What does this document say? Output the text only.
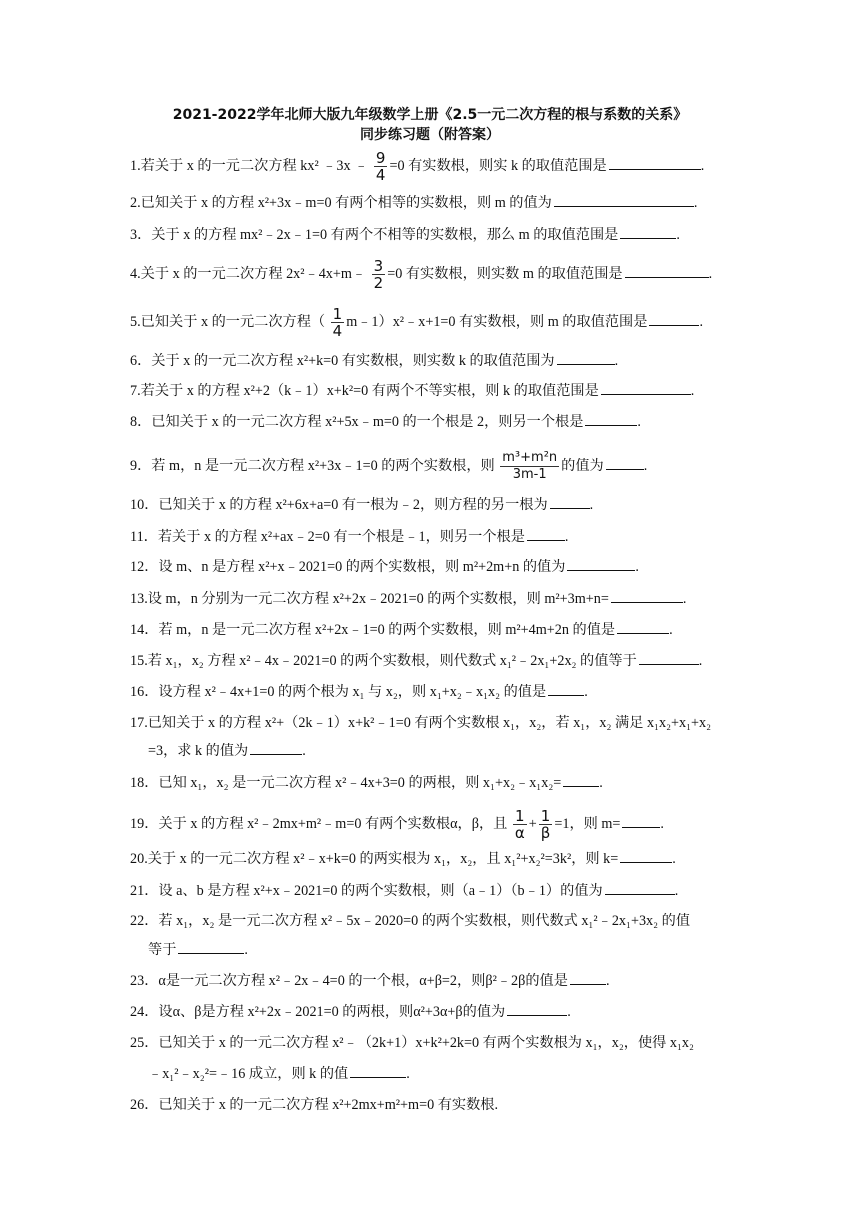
2021-2022学年北师大版九年级数学上册《2.5一元二次方程的根与系数的关系》
同步练习题（附答案）
1.若关于 x 的一元二次方程 kx² ﹣3x ﹣ $\frac{9}{4} =0$ 有实数根，则实 k 的取值范围是	.
2.已知关于 x 的方程 x²+3x﹣m=0 有两个相等的实数根，则 m 的值为	.
3．关于 x 的方程 mx²﹣2x﹣1=0 有两个不相等的实数根，那么 m 的取值范围是	.
4.关于 x 的一元二次方程 2x²﹣4x+m﹣ $\frac{3}{2} =0$ 有实数根，则实数 m 的取值范围是	.
5.已知关于 x 的一元二次方程（ $\frac{1}{4}$ m﹣1）x²﹣x+1=0 有实数根，则 m 的取值范围是	.
6．关于 x 的一元二次方程 x²+k=0 有实数根，则实数 k 的取值范围为	.
7.若关于 x 的方程 x²+2（k﹣1）x+k²=0 有两个不等实根，则 k 的取值范围是	.
8．已知关于 x 的一元二次方程 x²+5x﹣m=0 的一个根是 2，则另一个根是	.
9．若 m，n 是一元二次方程 x²+3x﹣1=0 的两个实数根，则 $\frac{\text{m³+m²n}}{3m-1}$ 的值为	.
10．已知关于 x 的方程 x²+6x+a=0 有一根为﹣2，则方程的另一根为	.
11．若关于 x 的方程 x²+ax﹣2=0 有一个根是﹣1，则另一个根是	.
12．设 m、n 是方程 x²+x﹣2021=0 的两个实数根，则 m²+2m+n 的值为	.
13.设 m，n 分别为一元二次方程 x²+2x﹣2021=0 的两个实数根，则 m²+3m+n=	.
14．若 m，n 是一元二次方程 x²+2x﹣1=0 的两个实数根，则 m²+4m+2n 的值是	.
15.若 x₁，x₂ 方程 x²﹣4x﹣2021=0 的两个实数根，则代数式 x₁²﹣2x₁+2x₂ 的值等于	.
16．设方程 x²﹣4x+1=0 的两个根为 x₁ 与 x₂，则 x₁+x₂﹣x₁x₂ 的值是	.
17.已知关于 x 的方程 x²+（2k﹣1）x+k²﹣1=0 有两个实数根 x₁，x₂，若 x₁，x₂ 满足 x₁x₂+x₁+x₂
=3，求 k 的值为	.
18．已知 x₁，x₂ 是一元二次方程 x²﹣4x+3=0 的两根，则 x₁+x₂﹣x₁x₂=	.
19．关于 x 的方程 x²﹣2mx+m²﹣m=0 有两个实数根α，β，且 $\frac{1}{\alpha} + \frac{1}{\beta} =1$，则 m=	.
20.关于 x 的一元二次方程 x²﹣x+k=0 的两实根为 x₁，x₂，且 x₁²+x₂²=3k²，则 k=	.
21．设 a、b 是方程 x²+x﹣2021=0 的两个实数根，则（a﹣1）（b﹣1）的值为	.
22．若 x₁，x₂ 是一元二次方程 x²﹣5x﹣2020=0 的两个实数根，则代数式 x₁²﹣2x₁+3x₂ 的值
等于	.
23．α是一元二次方程 x²﹣2x﹣4=0 的一个根，α+β=2，则β²﹣2β的值是	.
24．设α、β是方程 x²+2x﹣2021=0 的两根，则α²+3α+β的值为	.
25．已知关于 x 的一元二次方程 x²﹣（2k+1）x+k²+2k=0 有两个实数根为 x₁，x₂，使得 x₁x₂
﹣x₁²﹣x₂²=﹣16 成立，则 k 的值	.
26．已知关于 x 的一元二次方程 x²+2mx+m²+m=0 有实数根.
